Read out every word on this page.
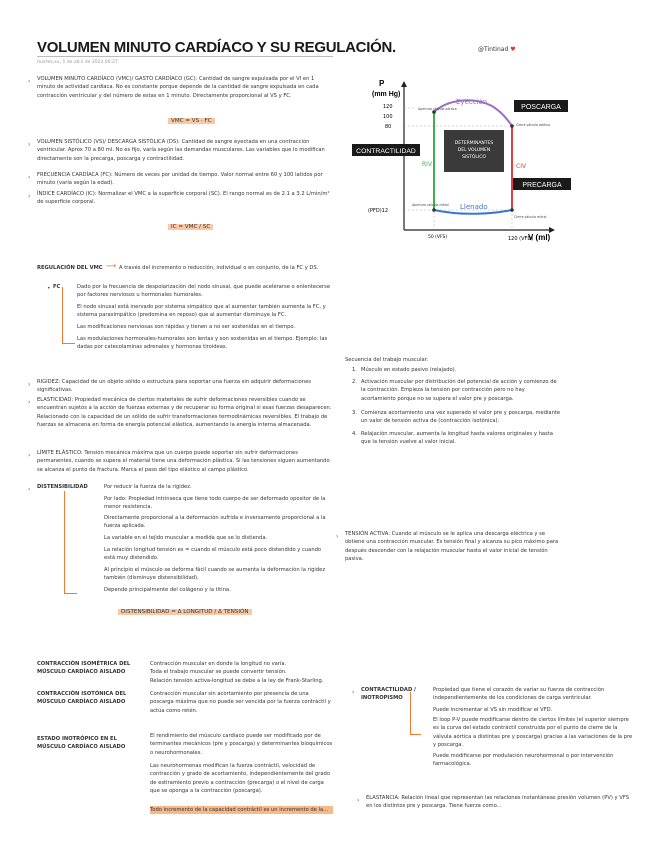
VOLUMEN MINUTO CARDÍACO Y SU REGULACIÓN.	@Tintinad ♥
martes,xx, 1 de ab.il de 2023 00:27
› VOLUMEN MINUTO CARDÍACO (VMC)/ GASTO CARDÍACO (GC): Cantidad de sangre expulsada por el VI en 1 minuto de actividad cardíaca. No es constante porque depende de la cantidad de sangre expulsada en cada contracción ventricular y del número de estas en 1 minuto. Directamente proporcional al VS y FC.
VMC = VS · FC
› VOLUMEN SISTÓLICO (VS)/ DESCARGA SISTÓLICA (DS): Cantidad de sangre eyectada en una contracción ventricular. Aprox 70 a 80 ml. No es fijo, varía según las demandas musculares. Las variables que lo modifican directamente son la precarga, poscarga y contractilidad.
› FRECUENCIA CARDÍACA (FC): Número de veces por unidad de tiempo. Valor normal entre 60 y 100 latidos por minuto (varía según la edad).
› ÍNDICE CARDÍACO (IC): Normalizar el VMC a la superficie corporal (SC). El rango normal es de 2.1 a 3.2 L/min/m² de superficie corporal.
IC = VMC / SC
REGULACIÓN DEL VMC ⟶ A través del incremento o reducción, individual o en conjunto, de la FC y DS.
• FC	Dado por la frecuencia de despolarización del nodo sinusal, que puede acelerarse o enlentecerse por factores nerviosos u hormonales humorales.
El nodo sinusal está inervado por sistema simpático que al aumentar también aumenta la FC, y sistema parasimpático (predomina en reposo) que al aumentar disminuye la FC.
Las modificaciones nerviosas son rápidas y tienen a no ser sostenidas en el tiempo.
Las modulaciones hormonales-humorales son lentas y son sostenidas en el tiempo. Ejemplo: las dadas por catecolaminas adrenales y hormonas tiroideas.
› RIGIDEZ: Capacidad de un objeto sólido o estructura para soportar una fuerza sin adquirir deformaciones significativas.
› ELASTICIDAD: Propiedad mecánica de ciertos materiales de sufrir deformaciones reversibles cuando se encuentran sujetos a la acción de fuerzas externas y de recuperar su forma original si esas fuerzas desaparecen. Relacionado con la capacidad de un sólido de sufrir transformaciones termodinámicas reversibles. El trabajo de fuerzas se almacena en forma de energía potencial elástica, aumentando la energía interna almacenada.
› LÍMITE ELÁSTICO: Tensión mecánica máxima que un cuerpo puede soportar sin sufrir deformaciones permanentes, cuando se supera el material tiene una deformación plástica. Si las tensiones siguen aumentando se alcanza el punto de fractura. Marca el paso del tipo elástico al campo plástico.
› DISTENSIBILIDAD	Por reducir la fuerza de la rigidez.
Por lado: Propiedad intrínseca que tiene todo cuerpo de ser deformado opositor de la menor resistencia.
Directamente proporcional a la deformación sufrida e inversamente proporcional a la fuerza aplicada.
La variable en el tejido muscular a medida que se lo distienda.
La relación longitud tensión es = cuando el músculo está poco distendido y cuando está muy distendido.
Al principio el músculo se deforma fácil cuando se aumenta la deformación la rigidez también (disminuye distensibilidad).
Depende principalmente del colágeno y la titina.
DISTENSIBILIDAD = Δ LONGITUD / Δ TENSIÓN
CONTRACCIÓN ISOMÉTRICA DEL MÚSCULO CARDÍACO AISLADO
Contracción muscular en donde la longitud no varía.
Toda el trabajo muscular se puede convertir tensión.
Relación tensión activa-longitud se debe a la ley de Frank-Starling.
CONTRACCIÓN ISOTÓNICA DEL MÚSCULO CARDÍACO AISLADO
Contracción muscular sin acortamiento por presencia de una poscarga máxima que no puede ser vencida por la fuerza contráctil y actúa como retén.
ESTADO INOTRÓPICO EN EL MÚSCULO CARDÍACO AISLADO
El rendimiento del músculo cardíaco puede ser modificado por de terminantes mecánicos (pre y poscarga) y determinantes bioquímicos o neurohormonales.
Las neurohormonas modifican la fuerza contráctil, velocidad de contracción y grado de acortamiento, independientemente del grado de estiramiento previo a contracción (precarga) o el nivel de carga que se oponga a la contracción (poscarga).
Todo incremento de la capacidad contráctil es un incremento de la...
P
(mm Hg)
120
100
80
(PFD)12
50 (VFS)	120 (VFD)
V (ml)
Eyección
Llenado
CIV
RIV
DETERMINANTES DEL VOLUMEN SISTÓLICO
POSCARGA
CONTRACTILIDAD
PRECARGA
Apertura válvula aórtica
Cierre válvula aórtica
Apertura válvula mitral
Cierre válvula mitral
Secuencia del trabajo muscular:
1. Músculo en estado pasivo (relajado).
2. Activación muscular por distribución del potencial de acción y comienzo de la contracción. Empieza la tensión por contracción pero no hay acortamiento porque no se supera el valor pre y poscarga.
3. Comienza acortamiento una vez superado el valor pre y poscarga, mediante un valor de tensión activa de (contracción isotónica).
4. Relajación muscular, aumenta la longitud hasta valores originales y hasta que la tensión vuelve al valor inicial.
› TENSIÓN ACTIVA: Cuando al músculo se le aplica una descarga eléctrica y se obtiene una contracción muscular. Es tensión final y alcanza su pico máximo para después descender con la relajación muscular hasta el valor inicial de tensión pasiva.
› CONTRACTILIDAD / INOTROPISMO
Propiedad que tiene el corazón de variar su fuerza de contracción independientemente de los condiciones de carga ventricular.
Puede incrementar el VS sin modificar el VFD.
El loop P-V puede modificarse dentro de ciertos límites (el superior siempre es la curva del estado contráctil construida por el punto de cierre de la válvula aórtica a distintas pre y poscarga) gracias a las variaciones de la pre y poscarga.
Puede modificarse por modulación neurohormonal o por intervención farmacológica.
› ELASTANCIA: Relación lineal que representan las relaciones instantáneas presión volumen (PV) y VFS en los distintos pre y poscarga. Tiene fuerza como...
